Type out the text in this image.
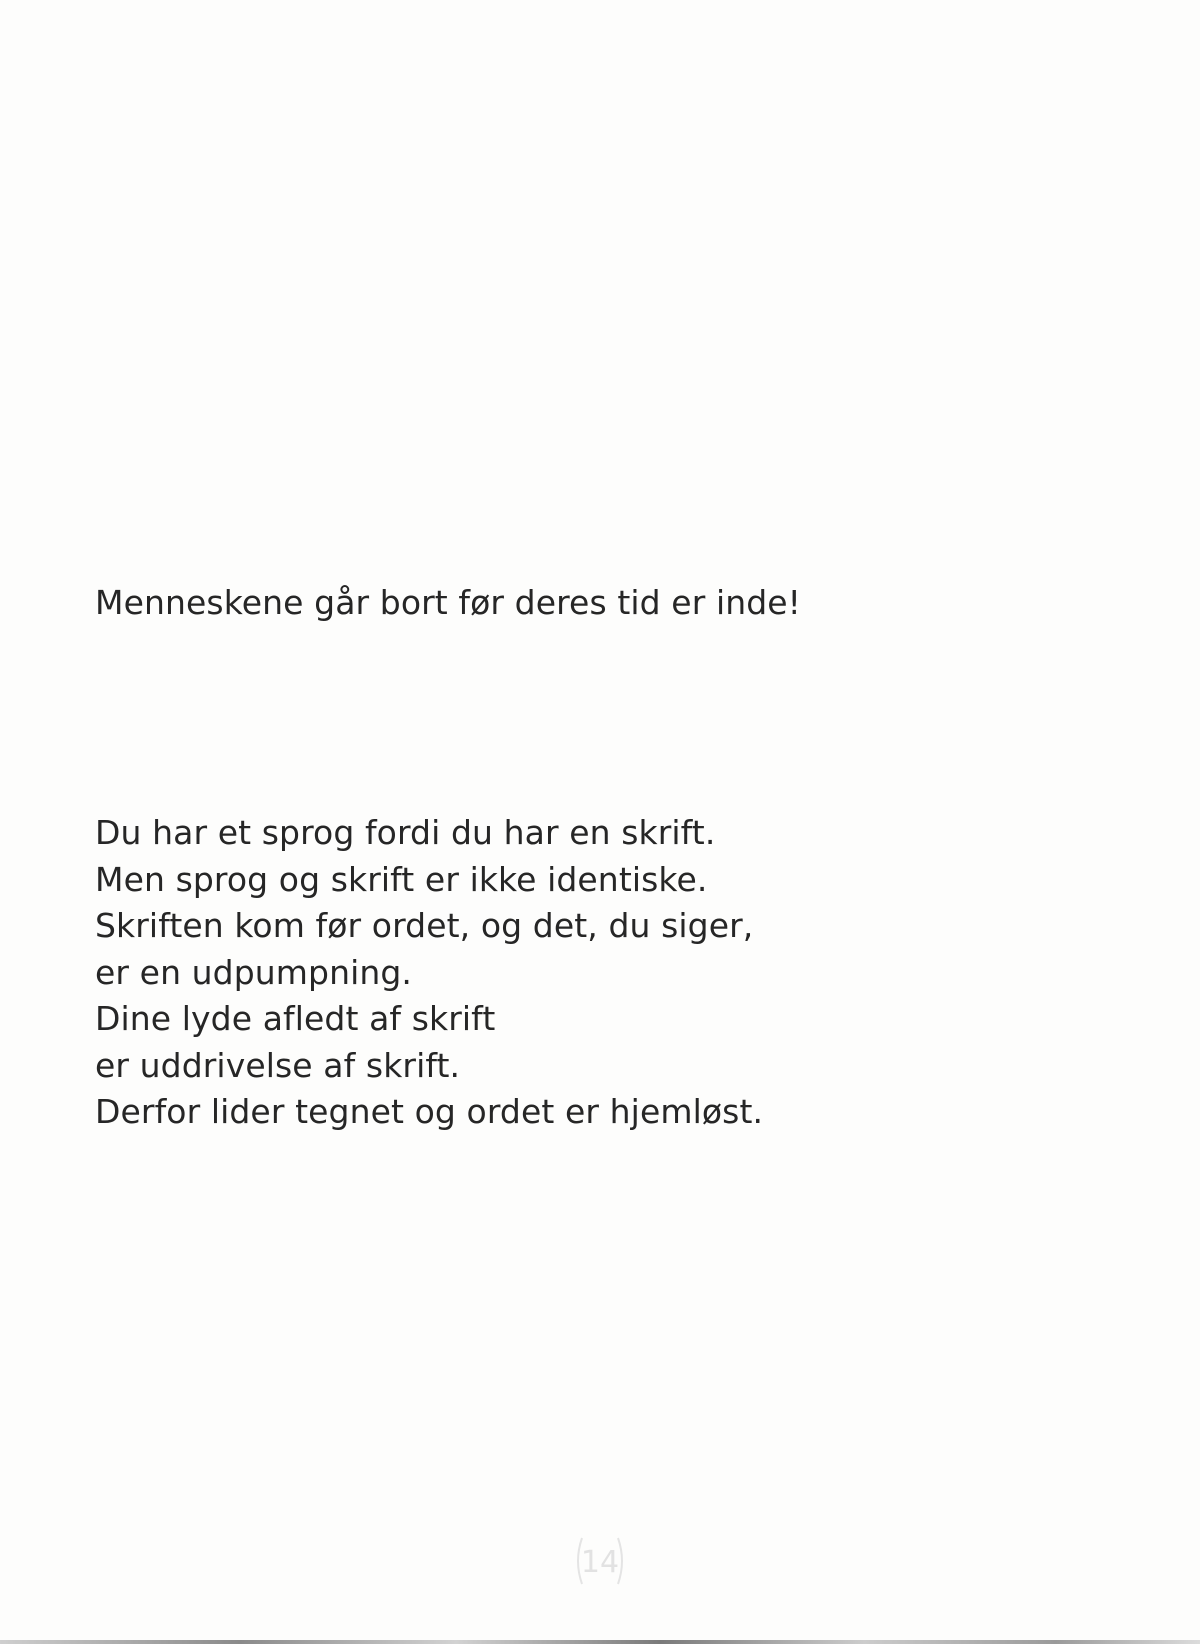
Menneskene går bort før deres tid er inde!

Du har et sprog fordi du har en skrift.
Men sprog og skrift er ikke identiske.
Skriften kom før ordet, og det, du siger,
er en udpumpning.
Dine lyde afledt af skrift
er uddrivelse af skrift.
Derfor lider tegnet og ordet er hjemløst.
14
